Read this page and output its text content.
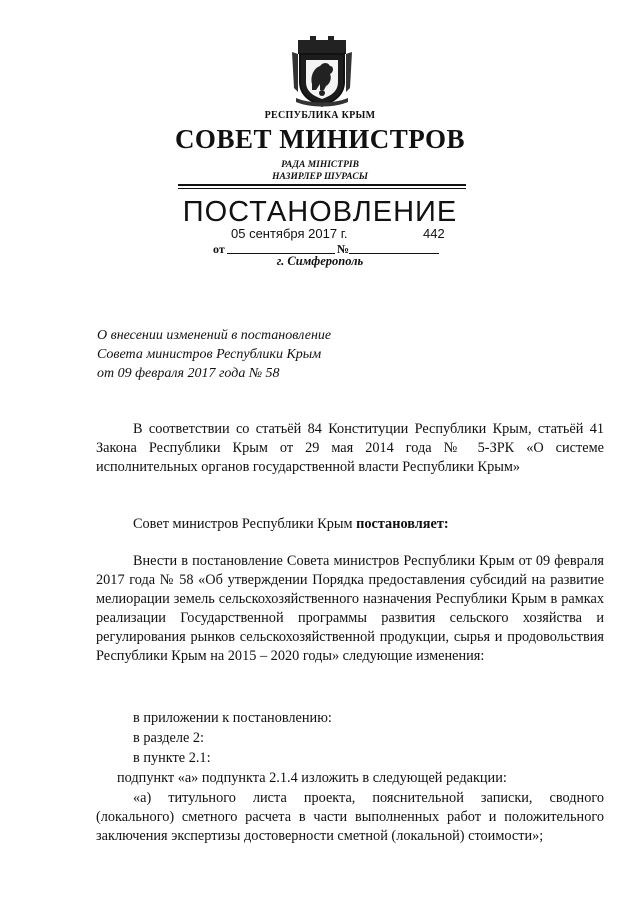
РЕСПУБЛИКА КРЫМ
СОВЕТ МИНИСТРОВ
РАДА МІНІСТРІВ
НАЗИРЛЕР ШУРАСЫ
ПОСТАНОВЛЕНИЕ
05 сентября 2017 г.	442
от	№
г. Симферополь
О внесении изменений в постановление
Совета министров Республики Крым
от 09 февраля 2017 года № 58
В соответствии со статьёй 84 Конституции Республики Крым, статьёй 41 Закона Республики Крым от 29 мая 2014 года № 5-ЗРК «О системе исполнительных органов государственной власти Республики Крым»
Совет министров Республики Крым постановляет:
Внести в постановление Совета министров Республики Крым от 09 февраля 2017 года № 58 «Об утверждении Порядка предоставления субсидий на развитие мелиорации земель сельскохозяйственного назначения Республики Крым в рамках реализации Государственной программы развития сельского хозяйства и регулирования рынков сельскохозяйственной продукции, сырья и продовольствия Республики Крым на 2015 – 2020 годы» следующие изменения:
в приложении к постановлению:
в разделе 2:
в пункте 2.1:
подпункт «а» подпункта 2.1.4 изложить в следующей редакции:
«а) титульного листа проекта, пояснительной записки, сводного (локального) сметного расчета в части выполненных работ и положительного заключения экспертизы достоверности сметной (локальной) стоимости»;
